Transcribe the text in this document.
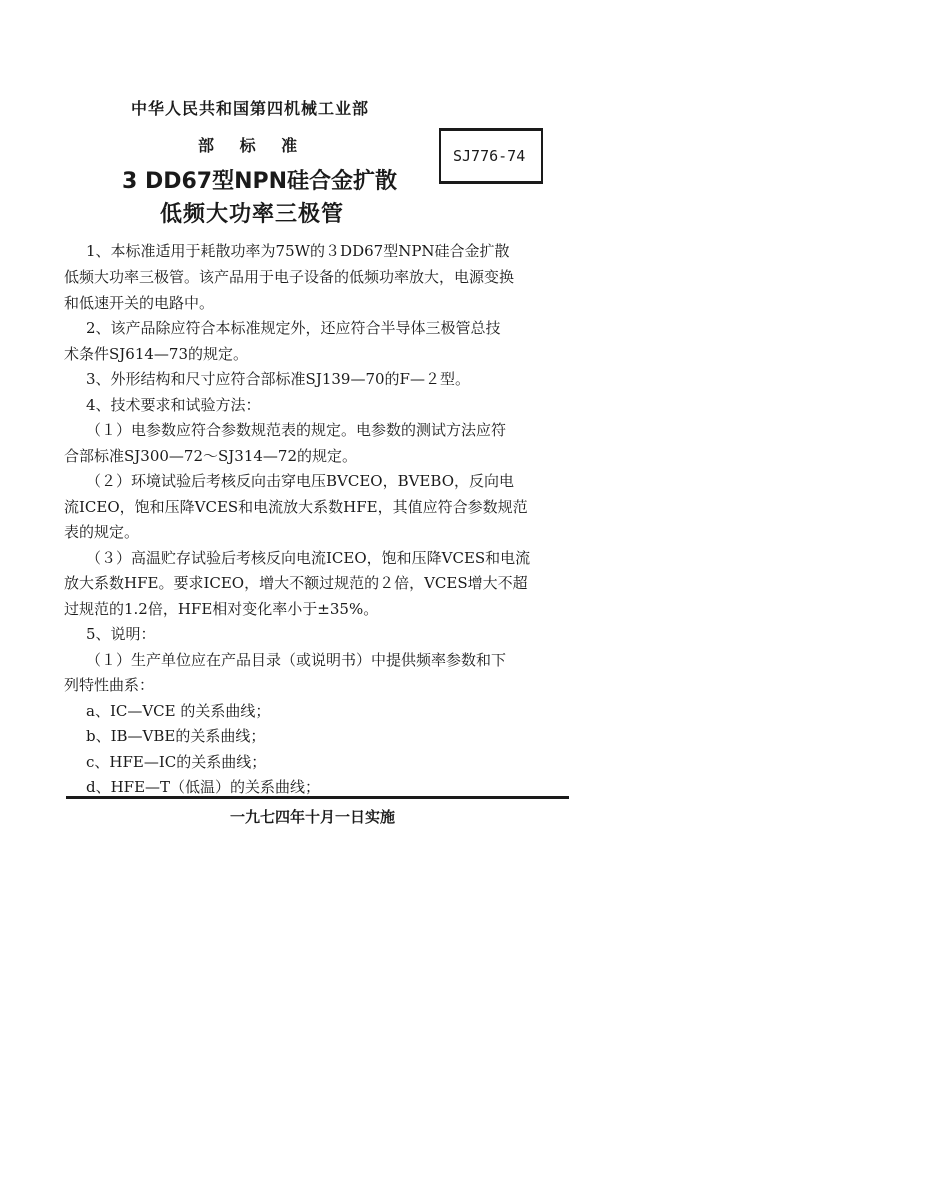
中华人民共和国第四机械工业部
部 标 准
3 DD67型NPN硅合金扩散
低频大功率三极管
SJ776-74
1、本标准适用于耗散功率为75W的３DD67型NPN硅合金扩散
低频大功率三极管。该产品用于电子设备的低频功率放大，电源变换
和低速开关的电路中。
2、该产品除应符合本标准规定外，还应符合半导体三极管总技
术条件SJ614—73的规定。
3、外形结构和尺寸应符合部标准SJ139—70的F—２型。
4、技术要求和试验方法：
（１）电参数应符合参数规范表的规定。电参数的测试方法应符
合部标准SJ300—72～SJ314—72的规定。
（２）环境试验后考核反向击穿电压BVCEO，BVEBO，反向电
流ICEO，饱和压降VCES和电流放大系数HFE，其值应符合参数规范
表的规定。
（３）高温贮存试验后考核反向电流ICEO，饱和压降VCES和电流
放大系数HFE。要求ICEO，增大不额过规范的２倍，VCES增大不超
过规范的1.2倍，HFE相对变化率小于±35%。
5、说明：
（１）生产单位应在产品目录（或说明书）中提供频率参数和下
列特性曲系：
a、IC—VCE 的关系曲线；
b、IB—VBE的关系曲线；
c、HFE—IC的关系曲线；
d、HFE—T（低温）的关系曲线；
一九七四年十月一日实施
